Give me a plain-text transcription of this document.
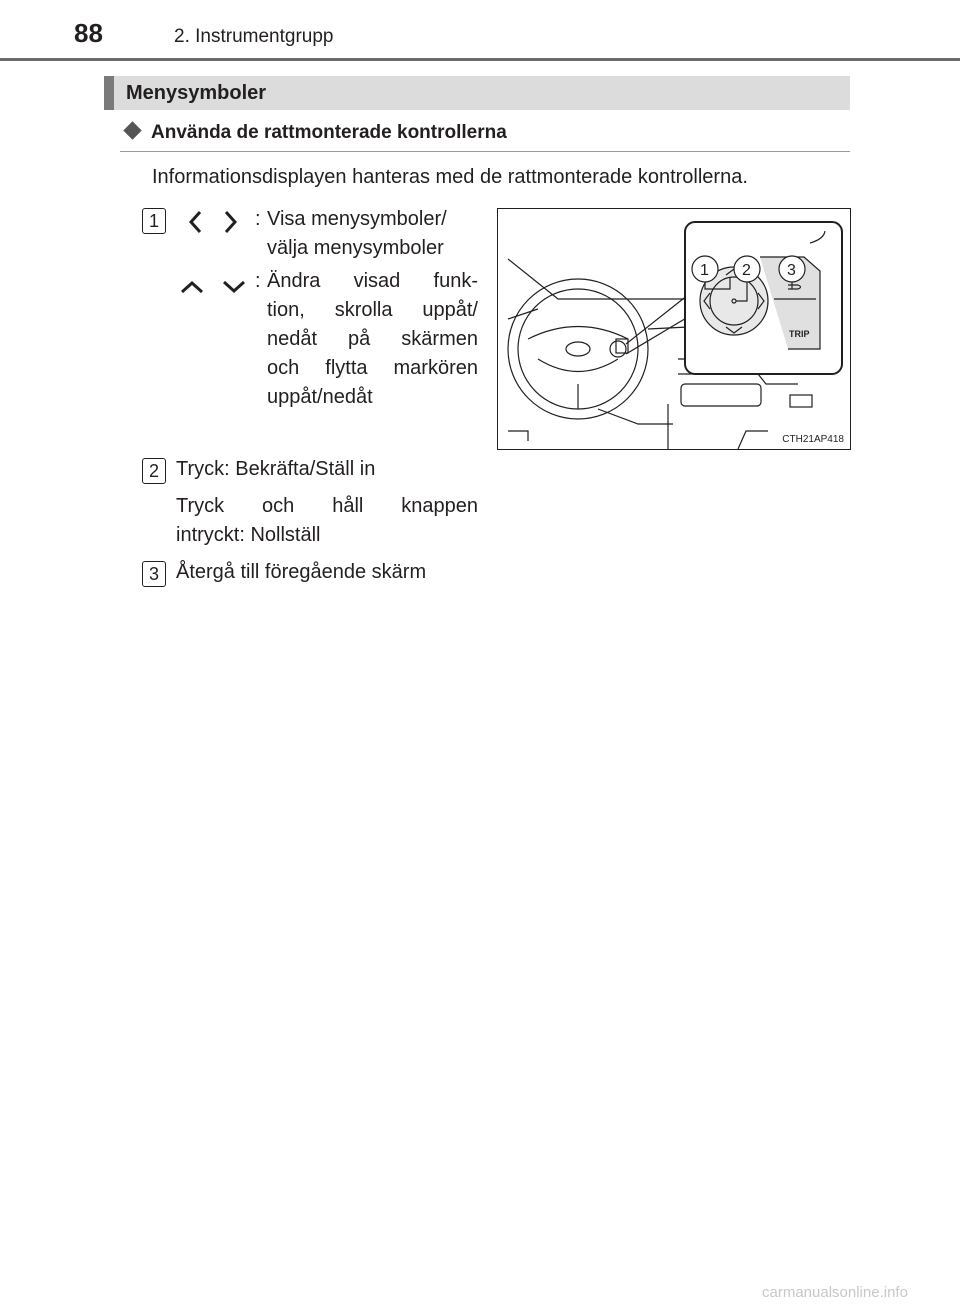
88	2. Instrumentgrupp
Menysymboler
Använda de rattmonterade kontrollerna
Informationsdisplayen hanteras med de rattmonterade kontrollerna.
1	: Visa menysymboler/
välja menysymboler
: Ändra visad funk-
tion, skrolla uppåt/
nedåt på skärmen
och flytta markören
uppåt/nedåt
2 Tryck: Bekräfta/Ställ in
Tryck och håll knappen
intryckt: Nollställ
3 Återgå till föregående skärm
TRIP
1 2 3
CTH21AP418
carmanualsonline.info
